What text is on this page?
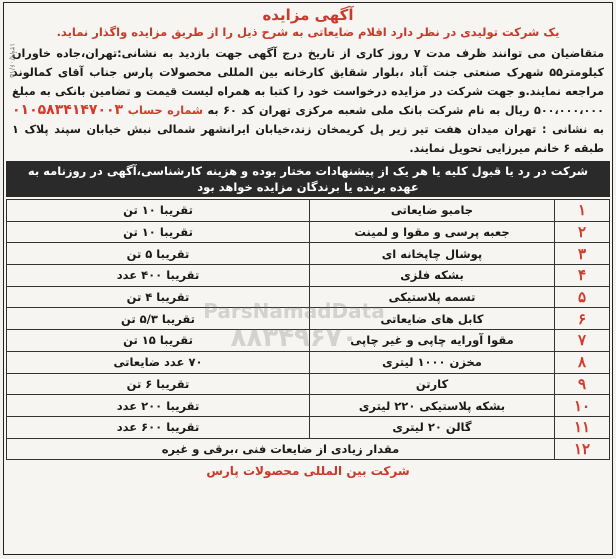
۱۳۹۹/۰۶/۱۵
آگهی مزایده
یک شرکت تولیدی در نظر دارد اقلام ضایعاتی به شرح ذیل را از طریق مزایده واگذار نماید.
متقاضیان می توانند ظرف مدت ۷ روز کاری از تاریخ درج آگهی جهت بازدید به نشانی:تهران،جاده خاوران کیلومتر۵۵ شهرک صنعتی جنت آباد ،بلوار شقایق کارخانه بین المللی محصولات پارس جناب آقای کمالوند مراجعه نمایند.و جهت شرکت در مزایده درخواست خود را کتبا به همراه لیست قیمت و تضامین بانکی به مبلغ ۵۰۰،۰۰۰،۰۰۰ ریال به نام شرکت بانک ملی شعبه مرکزی تهران کد ۶۰ به شماره حساب ۰۱۰۵۸۳۴۱۴۷۰۰۳ به نشانی : تهران میدان هفت تیر زیر پل کریمخان زند،خیابان ایرانشهر شمالی نبش خیابان سپند پلاک ۱ طبقه ۶ خانم میرزایی تحویل نمایند.
شرکت در رد یا قبول کلیه یا هر یک از پیشنهادات مختار بوده و هزینه کارشناسی،آگهی در روزنامه به عهده برنده یا برندگان مزایده خواهد بود
۱	جامبو ضایعاتی	تقریبا ۱۰ تن
۲	جعبه پرسی و مقوا و لمینت	تقریبا ۱۰ تن
۳	پوشال چاپخانه ای	تقریبا ۵ تن
۴	بشکه فلزی	تقریبا ۴۰۰ عدد
۵	تسمه پلاستیکی	تقریبا ۴ تن
۶	کابل های ضایعاتی	تقریبا ۵/۳ تن
۷	مقوا آورایه چاپی و غیر چاپی	تقریبا ۱۵ تن
۸	مخزن ۱۰۰۰ لیتری	۷۰ عدد ضایعاتی
۹	کارتن	تقریبا ۶ تن
۱۰	بشکه پلاستیکی ۲۲۰ لیتری	تقریبا ۲۰۰ عدد
۱۱	گالن ۲۰ لیتری	تقریبا ۶۰۰ عدد
۱۲	مقدار زیادی از ضایعات فنی ،برقی و غیره	
شرکت بین المللی محصولات پارس
ParsNamadData
۸۸۳۴۹۶۷۰
